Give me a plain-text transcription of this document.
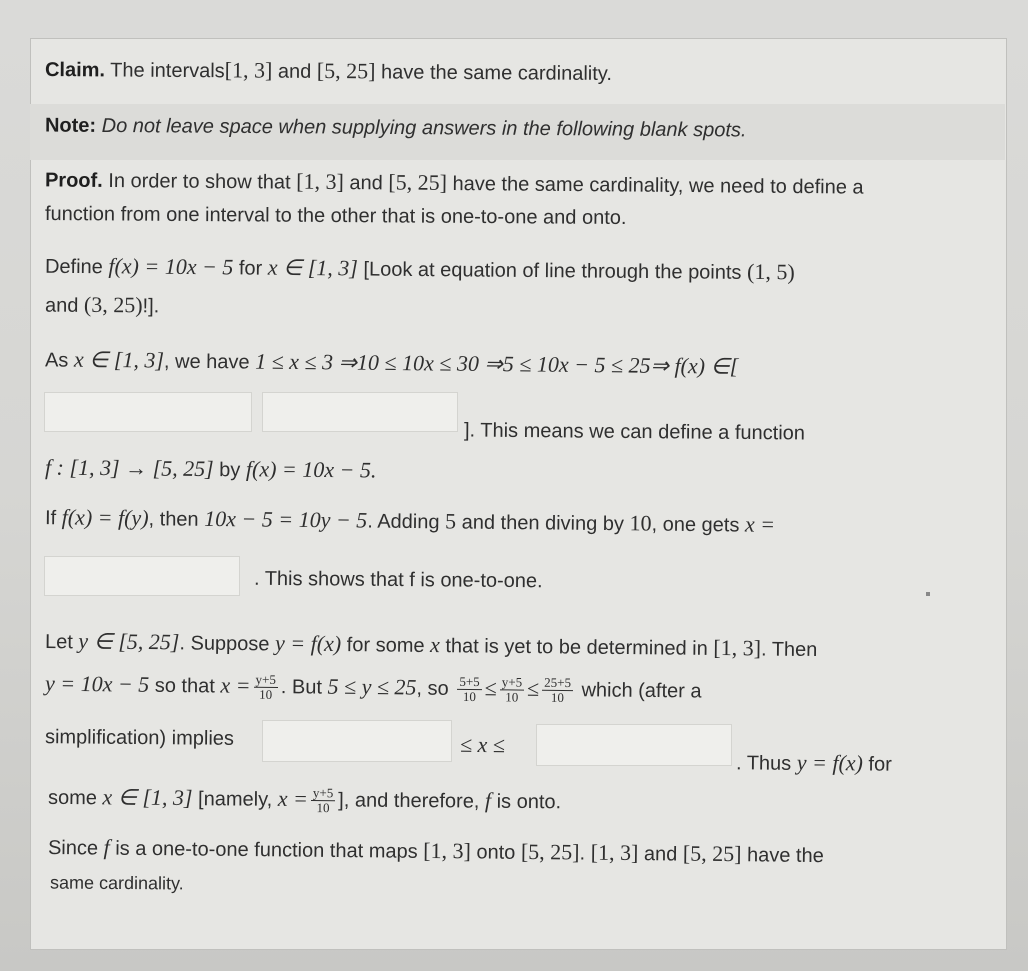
Claim. The intervals[1, 3] and [5, 25] have the same cardinality.
Note: Do not leave space when supplying answers in the following blank spots.
Proof. In order to show that [1, 3] and [5, 25] have the same cardinality, we need to define a
function from one interval to the other that is one-to-one and onto.
Define f(x) = 10x − 5 for x ∈ [1, 3] [Look at equation of line through the points (1, 5)
and (3, 25)!].
As x ∈ [1, 3], we have 1 ≤ x ≤ 3 ⇒10 ≤ 10x ≤ 30 ⇒5 ≤ 10x − 5 ≤ 25⇒ f(x) ∈[
]. This means we can define a function
f : [1, 3] → [5, 25] by f(x) = 10x − 5.
If f(x) = f(y), then 10x − 5 = 10y − 5. Adding 5 and then diving by 10, one gets x =
. This shows that f is one-to-one.
Let y ∈ [5, 25]. Suppose y = f(x) for some x that is yet to be determined in [1, 3]. Then
y = 10x − 5 so that $x = \frac{y+5}{10}$ . But 5 ≤ y ≤ 25, so $\frac{5+5}{10} \le \frac{y+5}{10} \le \frac{25+5}{10}$ which (after a
simplification) implies	≤ x ≤
. Thus y = f(x) for
some x ∈ [1, 3] [namely, $x = \frac{y+5}{10}$ ], and therefore, f is onto.
Since f is a one-to-one function that maps [1, 3] onto [5, 25]. [1, 3] and [5, 25] have the
same cardinality.
